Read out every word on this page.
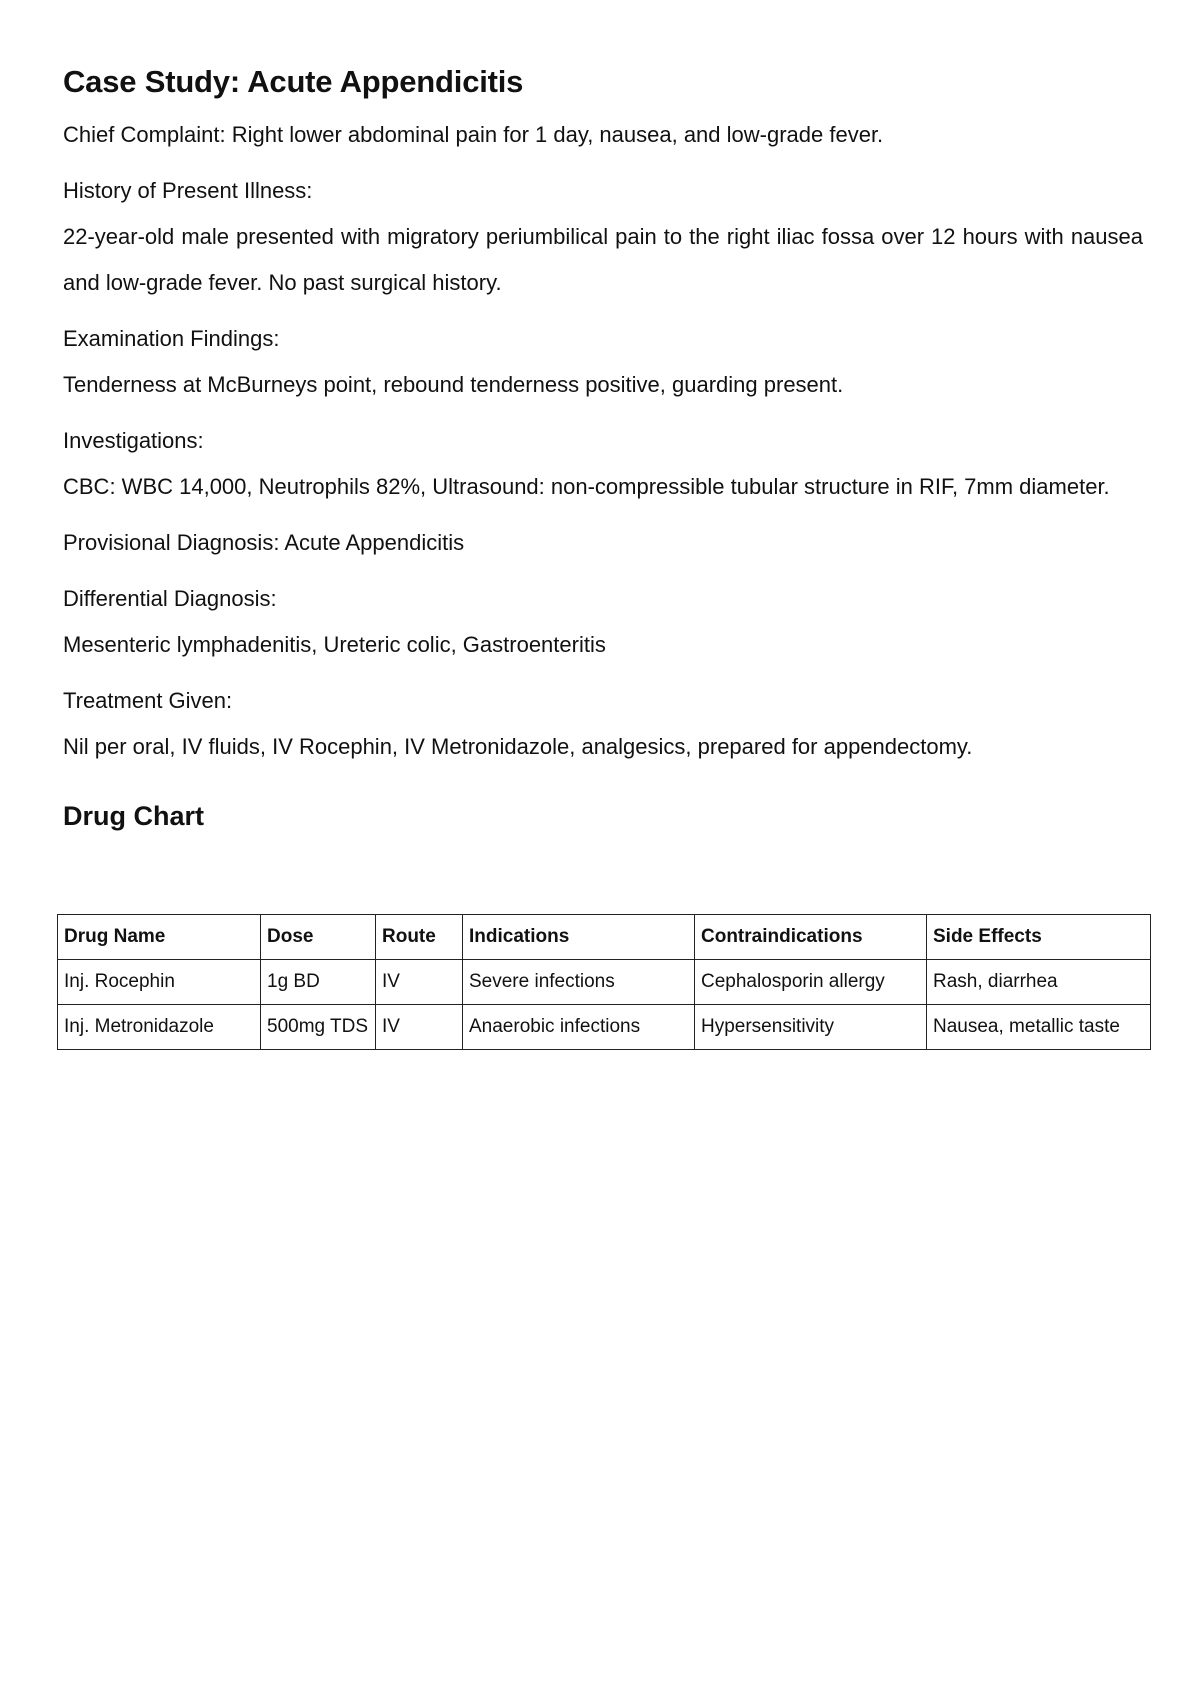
Case Study: Acute Appendicitis

Chief Complaint: Right lower abdominal pain for 1 day, nausea, and low-grade fever.

History of Present Illness:

22-year-old male presented with migratory periumbilical pain to the right iliac fossa over 12 hours with nausea and low-grade fever. No past surgical history.

Examination Findings:

Tenderness at McBurneys point, rebound tenderness positive, guarding present.

Investigations:

CBC: WBC 14,000, Neutrophils 82%, Ultrasound: non-compressible tubular structure in RIF, 7mm diameter.

Provisional Diagnosis: Acute Appendicitis

Differential Diagnosis:

Mesenteric lymphadenitis, Ureteric colic, Gastroenteritis

Treatment Given:

Nil per oral, IV fluids, IV Rocephin, IV Metronidazole, analgesics, prepared for appendectomy.

Drug Chart
Drug Name	Dose	Route	Indications	Contraindications	Side Effects
Inj. Rocephin	1g BD	IV	Severe infections	Cephalosporin allergy	Rash, diarrhea
Inj. Metronidazole	500mg TDS	IV	Anaerobic infections	Hypersensitivity	Nausea, metallic taste
